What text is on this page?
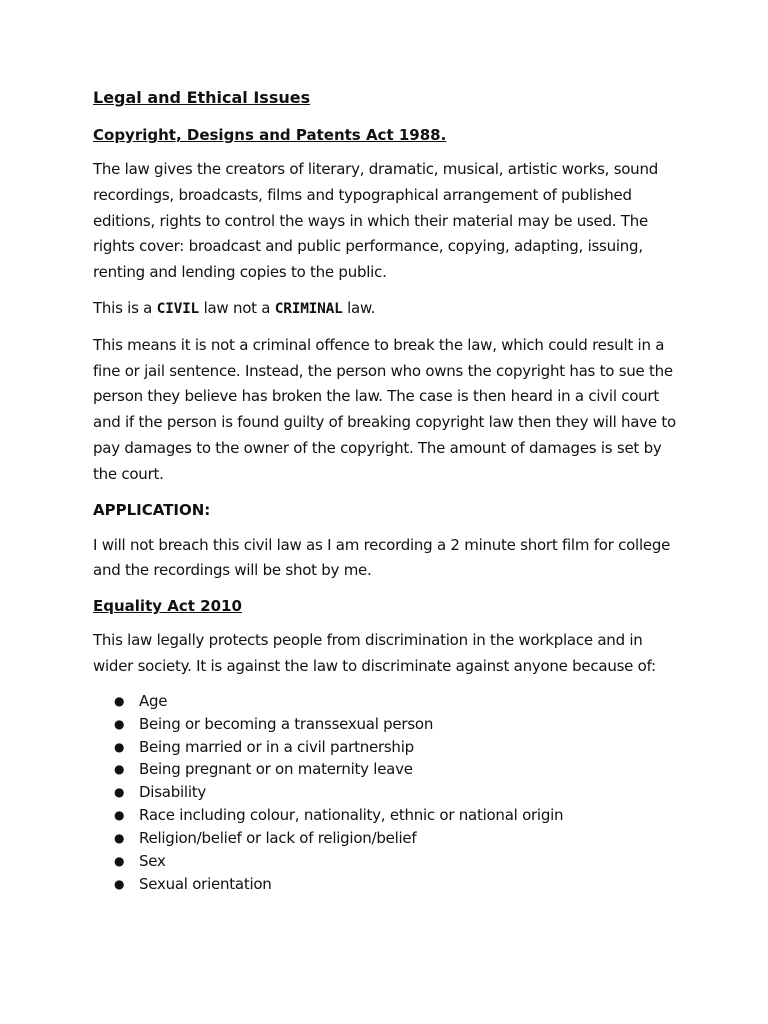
Legal and Ethical Issues
Copyright, Designs and Patents Act 1988.

The law gives the creators of literary, dramatic, musical, artistic works, sound recordings, broadcasts, films and typographical arrangement of published editions, rights to control the ways in which their material may be used. The rights cover: broadcast and public performance, copying, adapting, issuing, renting and lending copies to the public.

This is a CIVIL law not a CRIMINAL law.

This means it is not a criminal offence to break the law, which could result in a fine or jail sentence. Instead, the person who owns the copyright has to sue the person they believe has broken the law. The case is then heard in a civil court and if the person is found guilty of breaking copyright law then they will have to pay damages to the owner of the copyright. The amount of damages is set by the court.

APPLICATION:

I will not breach this civil law as I am recording a 2 minute short film for college and the recordings will be shot by me.

Equality Act 2010

This law legally protects people from discrimination in the workplace and in wider society. It is against the law to discriminate against anyone because of:

● Age
● Being or becoming a transsexual person
● Being married or in a civil partnership
● Being pregnant or on maternity leave
● Disability
● Race including colour, nationality, ethnic or national origin
● Religion/belief or lack of religion/belief
● Sex
● Sexual orientation
